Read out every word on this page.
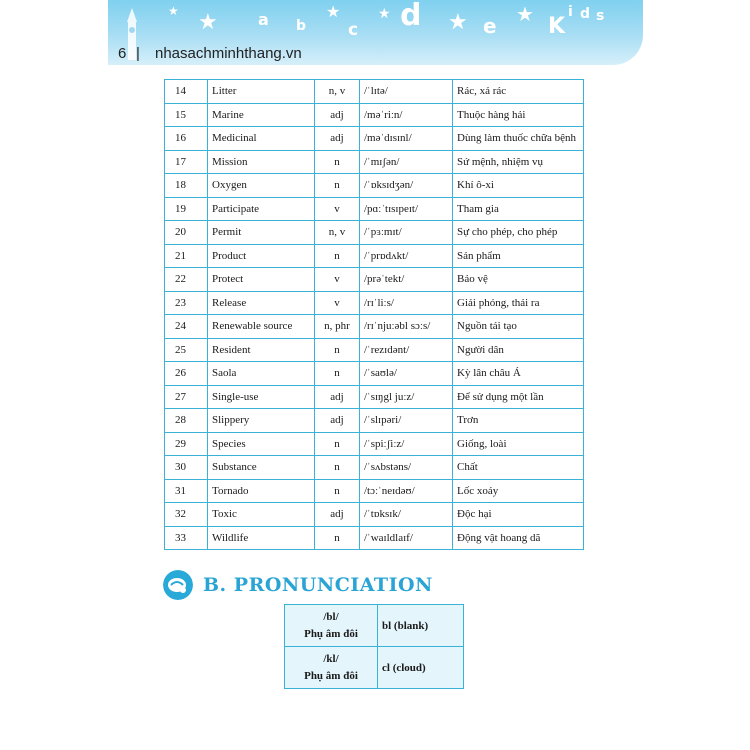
★
★	a b
★
c
★ d ★ e ★ K
i d s
6 | nhasachminhthang.vn
14	Litter	n, v	/ˈlɪtə/	Rác, xả rác
15	Marine	adj	/məˈriːn/	Thuộc hàng hải
16	Medicinal	adj	/məˈdɪsɪnl/	Dùng làm thuốc chữa bệnh
17	Mission	n	/ˈmɪʃən/	Sứ mệnh, nhiệm vụ
18	Oxygen	n	/ˈɒksɪdʒən/	Khí ô-xi
19	Participate	v	/pɑːˈtɪsɪpeɪt/	Tham gia
20	Permit	n, v	/ˈpɜːmɪt/	Sự cho phép, cho phép
21	Product	n	/ˈprɒdʌkt/	Sản phẩm
22	Protect	v	/prəˈtekt/	Bảo vệ
23	Release	v	/rɪˈliːs/	Giải phóng, thải ra
24	Renewable source	n, phr	/rɪˈnjuːəbl sɔːs/	Nguồn tái tạo
25	Resident	n	/ˈrezɪdənt/	Người dân
26	Saola	n	/ˈsaʊlə/	Kỳ lân châu Á
27	Single-use	adj	/ˈsɪŋgl juːz/	Để sử dụng một lần
28	Slippery	adj	/ˈslɪpəri/	Trơn
29	Species	n	/ˈspiːʃiːz/	Giống, loài
30	Substance	n	/ˈsʌbstəns/	Chất
31	Tornado	n	/tɔːˈneɪdəʊ/	Lốc xoáy
32	Toxic	adj	/ˈtɒksɪk/	Độc hại
33	Wildlife	n	/ˈwaɪldlaɪf/	Động vật hoang dã
B. PRONUNCIATION
/bl/
Phụ âm đôi	bl (blank)

/kl/
Phụ âm đôi	cl (cloud)
